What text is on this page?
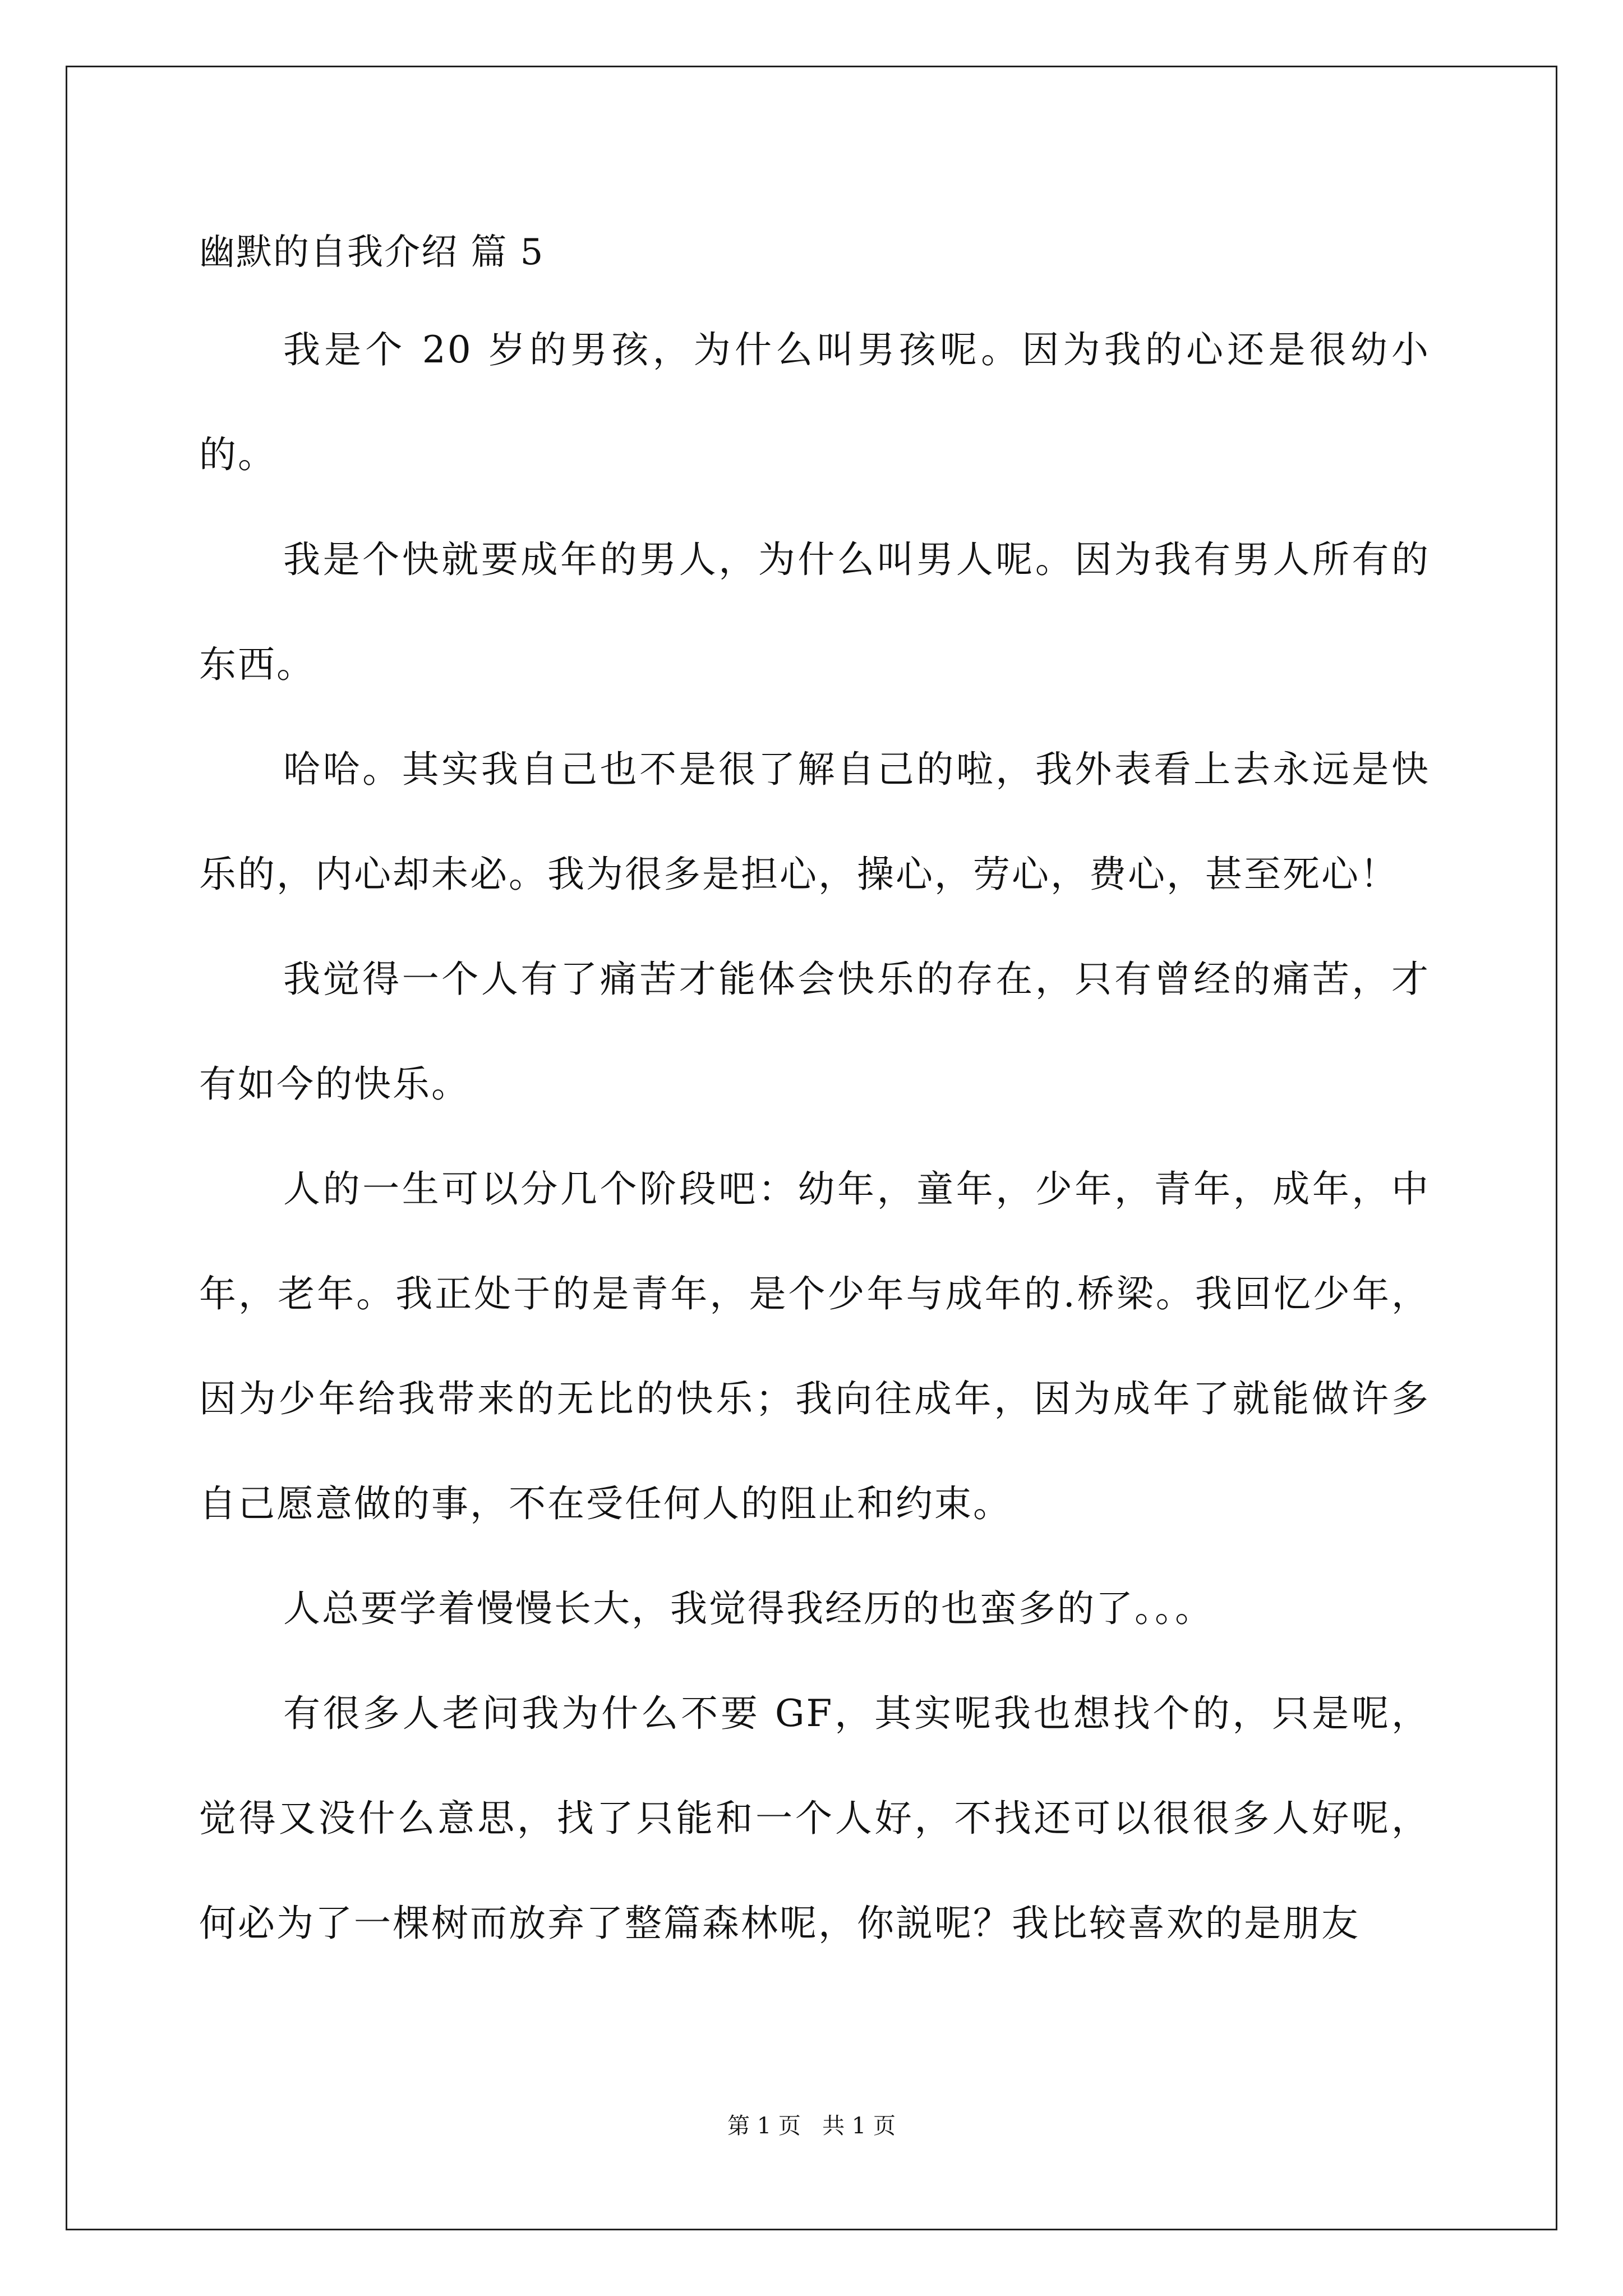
幽默的自我介绍 篇 5

我是个 20 岁的男孩，为什么叫男孩呢。因为我的心还是很幼小的。

我是个快就要成年的男人，为什么叫男人呢。因为我有男人所有的东西。

哈哈。其实我自己也不是很了解自己的啦，我外表看上去永远是快乐的，内心却未必。我为很多是担心，操心，劳心，费心，甚至死心！

我觉得一个人有了痛苦才能体会快乐的存在，只有曾经的痛苦，才有如今的快乐。

人的一生可以分几个阶段吧：幼年，童年，少年，青年，成年，中年，老年。我正处于的是青年，是个少年与成年的.桥梁。我回忆少年，因为少年给我带来的无比的快乐；我向往成年，因为成年了就能做许多自己愿意做的事，不在受任何人的阻止和约束。

人总要学着慢慢长大，我觉得我经历的也蛮多的了。。。

有很多人老问我为什么不要 GF，其实呢我也想找个的，只是呢，觉得又没什么意思，找了只能和一个人好，不找还可以很很多人好呢，何必为了一棵树而放弃了整篇森林呢，你説呢？我比较喜欢的是朋友

第 1 页   共 1 页
